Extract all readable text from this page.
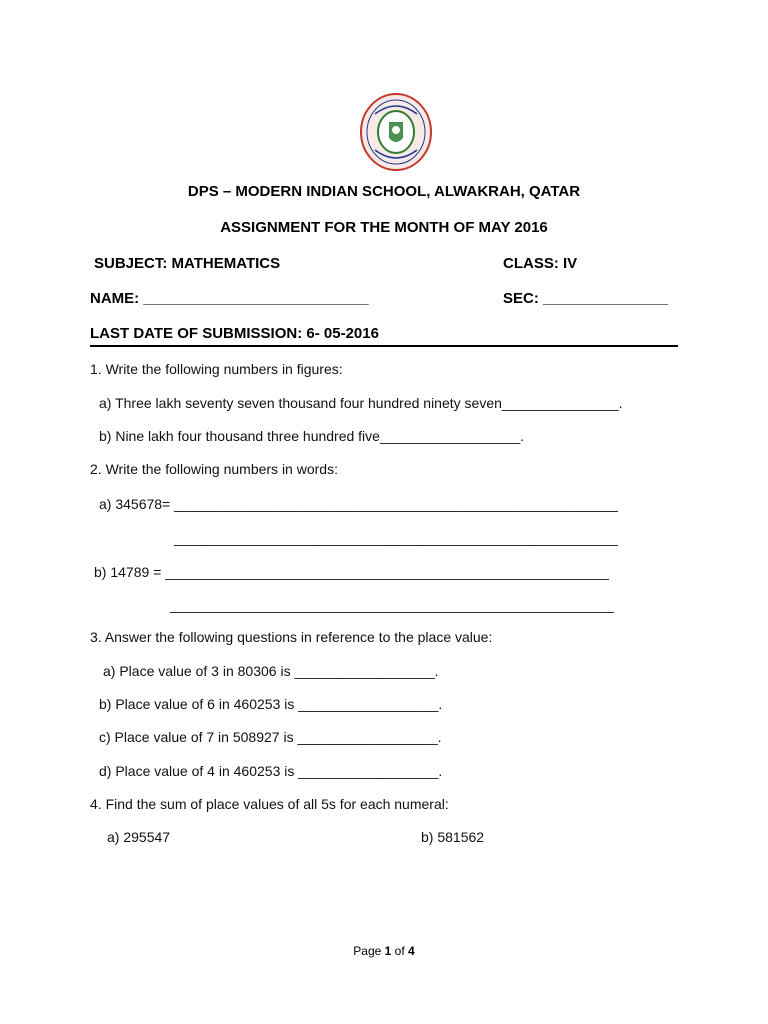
DPS – MODERN INDIAN SCHOOL, ALWAKRAH, QATAR
ASSIGNMENT FOR THE MONTH OF MAY 2016
SUBJECT: MATHEMATICS	CLASS: IV
NAME: ___________________________	SEC: _______________
LAST DATE OF SUBMISSION: 6- 05-2016
1. Write the following numbers in figures:
a) Three lakh seventy seven thousand four hundred ninety seven_______________.
b) Nine lakh four thousand three hundred five__________________.
2. Write the following numbers in words:
a) 345678= _________________________________________________________
_________________________________________________________
b) 14789 = _________________________________________________________
_________________________________________________________
3. Answer the following questions in reference to the place value:
a) Place value of 3 in 80306 is __________________.
b) Place value of 6 in 460253 is __________________.
c) Place value of 7 in 508927 is __________________.
d) Place value of 4 in 460253 is __________________.
4. Find the sum of place values of all 5s for each numeral:
a) 295547	b) 581562
Page 1 of 4
